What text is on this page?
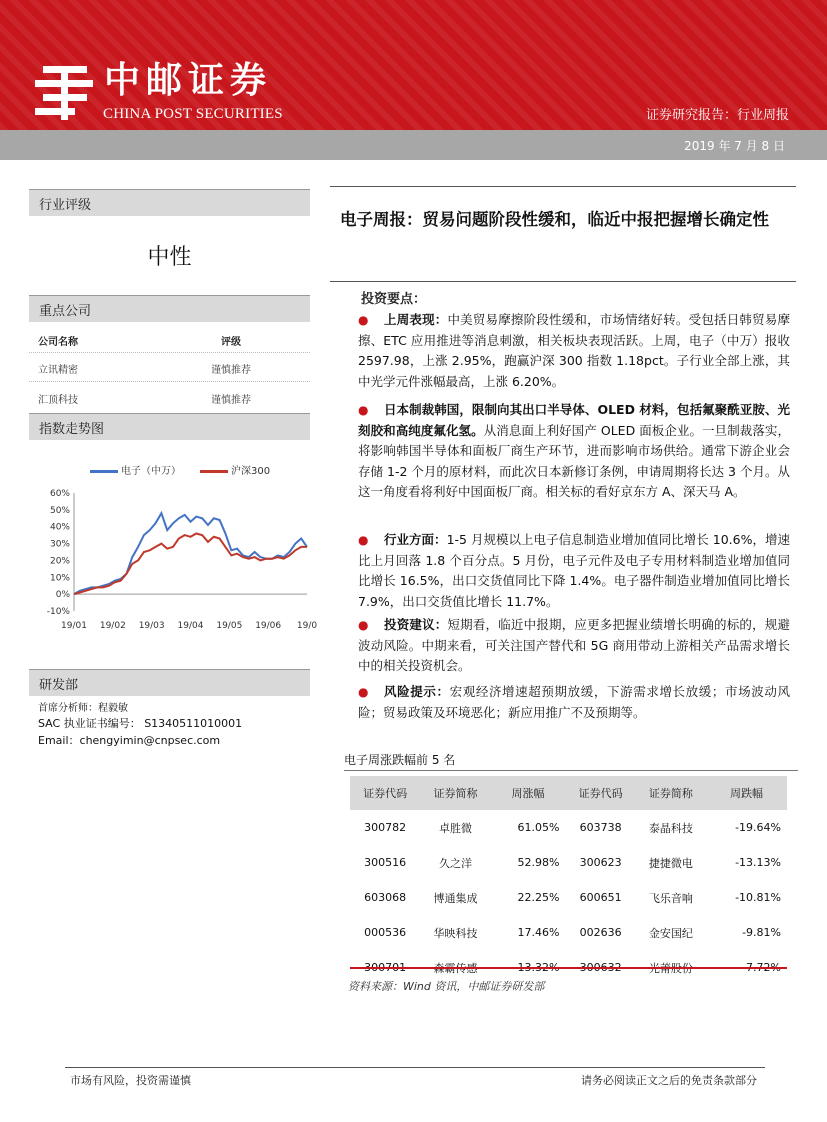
中邮证券
CHINA POST SECURITIES	证券研究报告：行业周报
2019 年 7 月 8 日
行业评级
中性
重点公司
公司名称	评级
立讯精密	谨慎推荐
汇顶科技	谨慎推荐
指数走势图
电子（中万）	沪深300
-10%
0%
10%
20%
30%
40%
50%
60%
19/01 19/02 19/03 19/04 19/05 19/06 19/0
研发部
首席分析师：程毅敏
SAC 执业证书编号： S1340511010001
Email：chengyimin@cnpsec.com
电子周报：贸易问题阶段性缓和，临近中报把握增长确定性
投资要点：
● 上周表现：中美贸易摩擦阶段性缓和，市场情绪好转。受包括日韩贸易摩擦、ETC 应用推进等消息刺激，相关板块表现活跃。上周，电子（中万）报收 2597.98，上涨 2.95%，跑赢沪深 300 指数 1.18pct。子行业全部上涨，其中光学元件涨幅最高，上涨 6.20%。
● 日本制裁韩国，限制向其出口半导体、OLED 材料，包括氟聚酰亚胺、光刻胶和高纯度氟化氢。从消息面上利好国产 OLED 面板企业。一旦制裁落实，将影响韩国半导体和面板厂商生产环节，进而影响市场供给。通常下游企业会存储 1-2 个月的原材料，而此次日本新修订条例，申请周期将长达 3 个月。从这一角度看将利好中国面板厂商。相关标的看好京东方 A、深天马 A。
● 行业方面：1-5 月规模以上电子信息制造业增加值同比增长 10.6%，增速比上月回落 1.8 个百分点。5 月份，电子元件及电子专用材料制造业增加值同比增长 16.5%，出口交货值同比下降 1.4%。电子器件制造业增加值同比增长 7.9%，出口交货值比增长 11.7%。
● 投资建议：短期看，临近中报期，应更多把握业绩增长明确的标的，规避波动风险。中期来看，可关注国产替代和 5G 商用带动上游相关产品需求增长中的相关投资机会。
● 风险提示：宏观经济增速超预期放缓，下游需求增长放缓；市场波动风险；贸易政策及环境恶化；新应用推广不及预期等。
电子周涨跌幅前 5 名
证券代码	证券简称	周涨幅	证券代码	证券简称	周跌幅
300782	卓胜微	61.05%	603738	泰晶科技	-19.64%
300516	久之洋	52.98%	300623	捷捷微电	-13.13%
603068	博通集成	22.25%	600651	飞乐音响	-10.81%
000536	华映科技	17.46%	002636	金安国纪	-9.81%
300701	森霸传感	13.32%	300632	光莆股份	-7.72%
资料来源：Wind 资讯，中邮证券研发部
市场有风险，投资需谨慎	请务必阅读正文之后的免责条款部分
